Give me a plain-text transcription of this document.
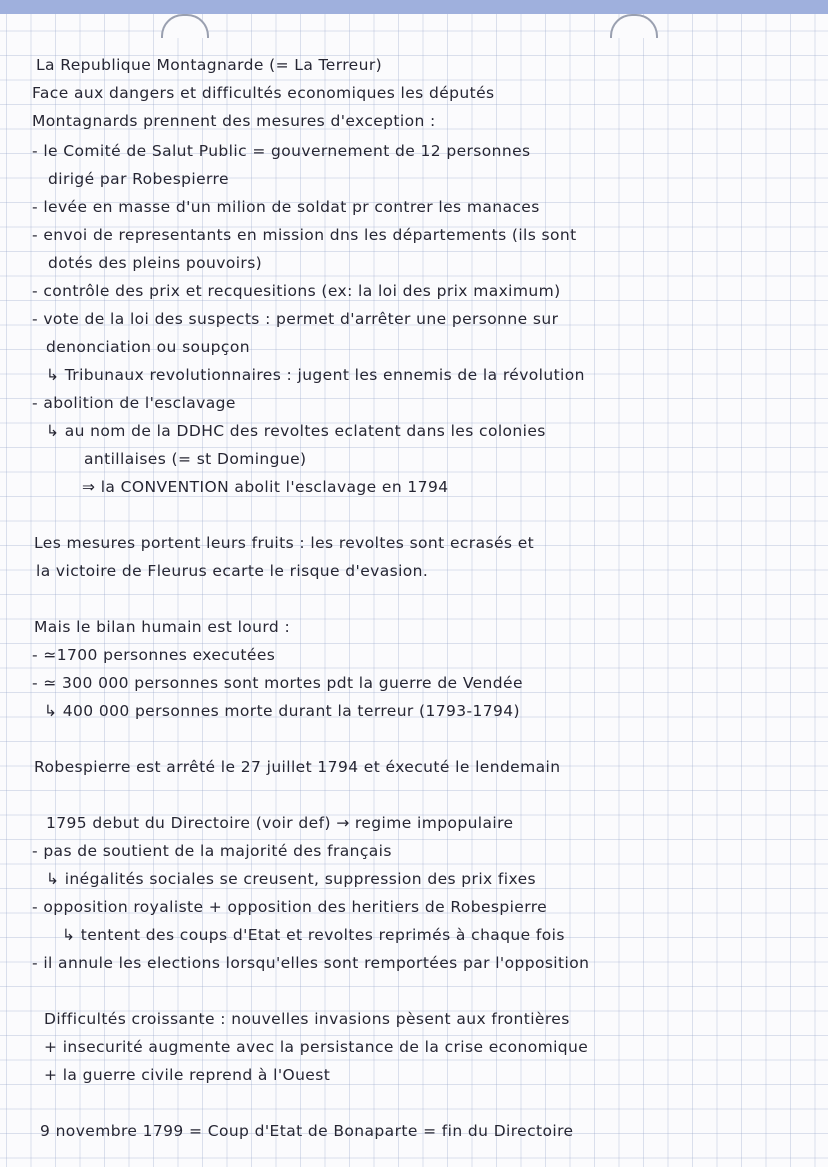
La Republique Montagnarde (= La Terreur)
Face aux dangers et difficultés economiques les députés
Montagnards prennent des mesures d'exception :
- le Comité de Salut Public = gouvernement de 12 personnes
dirigé par Robespierre
- levée en masse d'un milion de soldat pr contrer les manaces
- envoi de representants en mission dns les départements (ils sont
dotés des pleins pouvoirs)
- contrôle des prix et recquesitions (ex: la loi des prix maximum)
- vote de la loi des suspects : permet d'arrêter une personne sur
denonciation ou soupçon
↳ Tribunaux revolutionnaires : jugent les ennemis de la révolution
- abolition de l'esclavage
↳ au nom de la DDHC des revoltes eclatent dans les colonies
antillaises (= st Domingue)
⇒ la CONVENTION abolit l'esclavage en 1794
Les mesures portent leurs fruits : les revoltes sont ecrasés et
la victoire de Fleurus ecarte le risque d'evasion.
Mais le bilan humain est lourd :
- ≃1700 personnes executées
- ≃ 300 000 personnes sont mortes pdt la guerre de Vendée
↳ 400 000 personnes morte durant la terreur (1793-1794)
Robespierre est arrêté le 27 juillet 1794 et éxecuté le lendemain
1795 debut du Directoire (voir def) → regime impopulaire
- pas de soutient de la majorité des français
↳ inégalités sociales se creusent, suppression des prix fixes
- opposition royaliste + opposition des heritiers de Robespierre
↳ tentent des coups d'Etat et revoltes reprimés à chaque fois
- il annule les elections lorsqu'elles sont remportées par l'opposition
Difficultés croissante : nouvelles invasions pèsent aux frontières
+ insecurité augmente avec la persistance de la crise economique
+ la guerre civile reprend à l'Ouest
9 novembre 1799 = Coup d'Etat de Bonaparte = fin du Directoire
